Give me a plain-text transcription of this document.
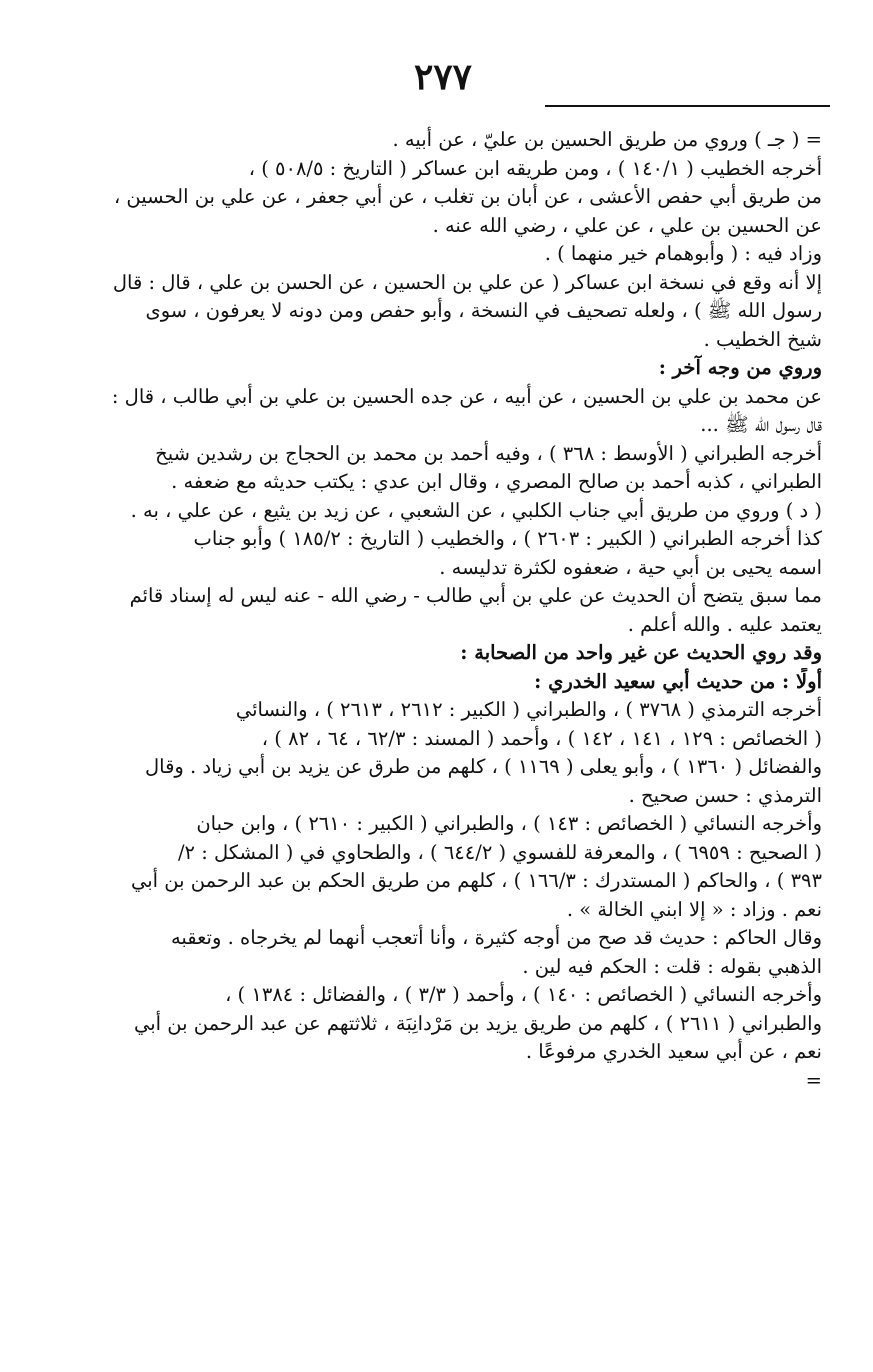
٢٧٧
= ( جـ ) وروي من طريق الحسين بن عليّ ، عن أبيه .
أخرجه الخطيب ( ١٤٠/١ ) ، ومن طريقه ابن عساكر ( التاريخ : ٥٠٨/٥ ) ،
من طريق أبي حفص الأعشى ، عن أبان بن تغلب ، عن أبي جعفر ، عن علي بن الحسين ،
عن الحسين بن علي ، عن علي ، رضي الله عنه .
وزاد فيه : ( وأبوهمام خير منهما ) .
إلا أنه وقع في نسخة ابن عساكر ( عن علي بن الحسين ، عن الحسن بن علي ، قال : قال
رسول الله ﷺ ) ، ولعله تصحيف في النسخة ، وأبو حفص ومن دونه لا يعرفون ، سوى
شيخ الخطيب .
وروي من وجه آخر :
عن محمد بن علي بن الحسين ، عن أبيه ، عن جده الحسين بن علي بن أبي طالب ، قال :
قال رسول الله ﷺ ...
أخرجه الطبراني ( الأوسط : ٣٦٨ ) ، وفيه أحمد بن محمد بن الحجاج بن رشدين شيخ
الطبراني ، كذبه أحمد بن صالح المصري ، وقال ابن عدي : يكتب حديثه مع ضعفه .
( د ) وروي من طريق أبي جناب الكلبي ، عن الشعبي ، عن زيد بن يثيع ، عن علي ، به .
كذا أخرجه الطبراني ( الكبير : ٢٦٠٣ ) ، والخطيب ( التاريخ : ١٨٥/٢ ) وأبو جناب
اسمه يحيى بن أبي حية ، ضعفوه لكثرة تدليسه .
مما سبق يتضح أن الحديث عن علي بن أبي طالب - رضي الله - عنه ليس له إسناد قائم
يعتمد عليه . والله أعلم .
وقد روي الحديث عن غير واحد من الصحابة :
أولًا : من حديث أبي سعيد الخدري :
أخرجه الترمذي ( ٣٧٦٨ ) ، والطبراني ( الكبير : ٢٦١٢ ، ٢٦١٣ ) ، والنسائي
( الخصائص : ١٢٩ ، ١٤١ ، ١٤٢ ) ، وأحمد ( المسند : ٦٢/٣ ، ٦٤ ، ٨٢ ) ،
والفضائل ( ١٣٦٠ ) ، وأبو يعلى ( ١١٦٩ ) ، كلهم من طرق عن يزيد بن أبي زياد . وقال
الترمذي : حسن صحيح .
وأخرجه النسائي ( الخصائص : ١٤٣ ) ، والطبراني ( الكبير : ٢٦١٠ ) ، وابن حبان
( الصحيح : ٦٩٥٩ ) ، والمعرفة للفسوي ( ٦٤٤/٢ ) ، والطحاوي في ( المشكل : ٢/
٣٩٣ ) ، والحاكم ( المستدرك : ١٦٦/٣ ) ، كلهم من طريق الحكم بن عبد الرحمن بن أبي
نعم . وزاد : « إلا ابني الخالة » .
وقال الحاكم : حديث قد صح من أوجه كثيرة ، وأنا أتعجب أنهما لم يخرجاه . وتعقبه
الذهبي بقوله : قلت : الحكم فيه لين .
وأخرجه النسائي ( الخصائص : ١٤٠ ) ، وأحمد ( ٣/٣ ) ، والفضائل : ١٣٨٤ ) ،
والطبراني ( ٢٦١١ ) ، كلهم من طريق يزيد بن مَرْدانِبَة ، ثلاثتهم عن عبد الرحمن بن أبي
نعم ، عن أبي سعيد الخدري مرفوعًا .
=
